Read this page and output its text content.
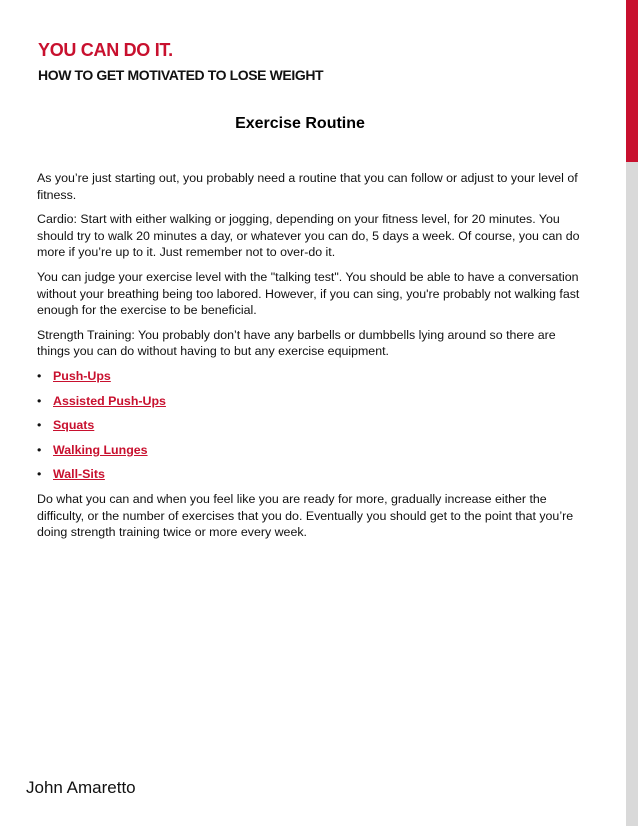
YOU CAN DO IT.
HOW TO GET MOTIVATED TO LOSE WEIGHT
Exercise Routine

As you’re just starting out, you probably need a routine that you can follow or adjust to your level of fitness.

Cardio: Start with either walking or jogging, depending on your fitness level, for 20 minutes. You should try to walk 20 minutes a day, or whatever you can do, 5 days a week. Of course, you can do more if you’re up to it. Just remember not to over-do it.

You can judge your exercise level with the "talking test". You should be able to have a conversation without your breathing being too labored. However, if you can sing, you're probably not walking fast enough for the exercise to be beneficial.

Strength Training: You probably don’t have any barbells or dumbbells lying around so there are things you can do without having to but any exercise equipment.

• Push-Ups
• Assisted Push-Ups
• Squats
• Walking Lunges
• Wall-Sits

Do what you can and when you feel like you are ready for more, gradually increase either the difficulty, or the number of exercises that you do. Eventually you should get to the point that you’re doing strength training twice or more every week.

John Amaretto
